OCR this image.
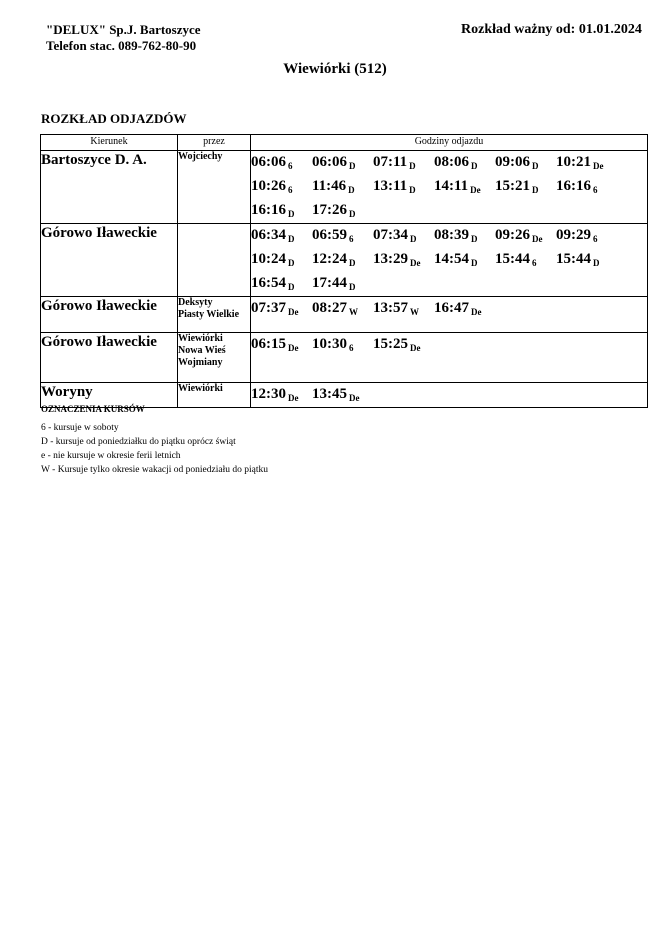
"DELUX" Sp.J. Bartoszyce
Telefon stac. 089-762-80-90
Rozkład ważny od: 01.01.2024
Wiewiórki (512)
ROZKŁAD ODJAZDÓW
Kierunek	przez	Godziny odjazdu
Bartoszyce D. A.	Wojciechy	06:06 $_6$ 06:06 $_D$ 07:11 $_D$ 08:06 $_D$ 09:06 $_D$ 10:21 $_{De}$10:26 $_6$ 11:46 $_D$ 13:11 $_D$ 14:11 $_{De}$ 15:21 $_D$ 16:16 $_6$16:16 $_D$ 17:26 $_D$
Górowo Iławeckie		06:34 $_D$ 06:59 $_6$ 07:34 $_D$ 08:39 $_D$ 09:26 $_{De}$ 09:29 $_6$10:24 $_D$ 12:24 $_D$ 13:29 $_{De}$ 14:54 $_D$ 15:44 $_6$ 15:44 $_D$16:54 $_D$ 17:44 $_D$
Górowo Iławeckie	Deksyty
Piasty Wielkie	07:37 $_{De}$ 08:27 $_W$ 13:57 $_W$ 16:47 $_{De}$
Górowo Iławeckie	Wiewiórki
Nowa Wieś
Wojmiany	06:15 $_{De}$ 10:30 $_6$ 15:25 $_{De}$
Woryny	Wiewiórki	12:30 $_{De}$ 13:45 $_{De}$
OZNACZENIA KURSÓW
6 - kursuje w soboty
D - kursuje od poniedziałku do piątku oprócz świąt
e - nie kursuje w okresie ferii letnich
W - Kursuje tylko okresie wakacji od poniedziału do piątku
